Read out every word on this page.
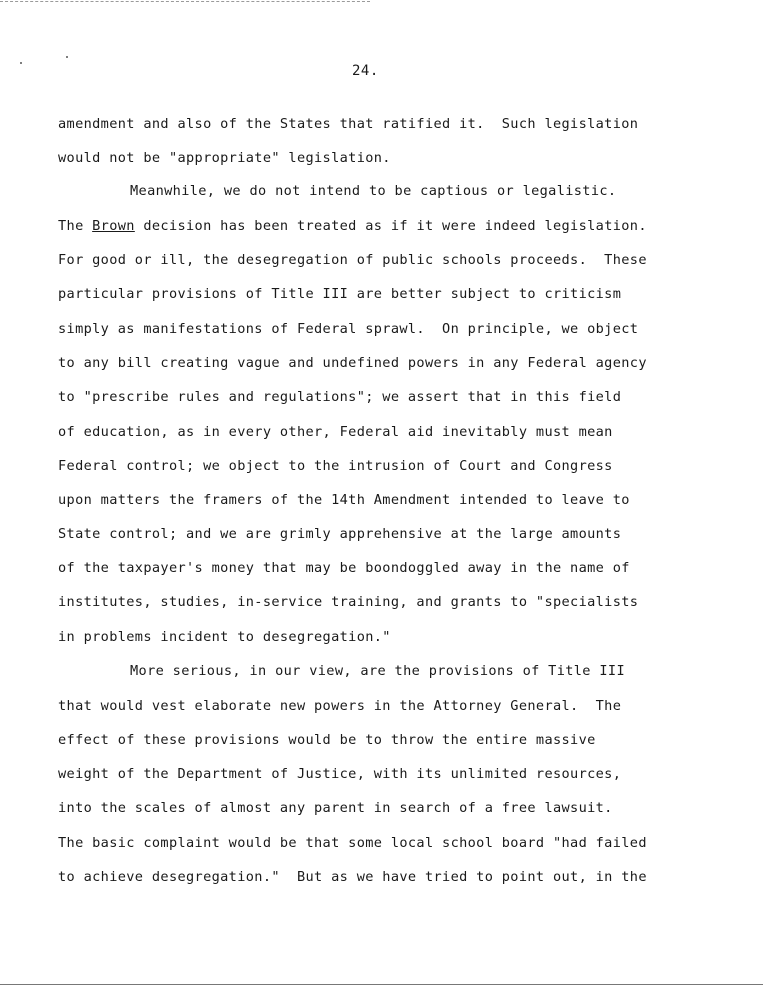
24.
amendment and also of the States that ratified it.  Such legislation
would not be "appropriate" legislation.
Meanwhile, we do not intend to be captious or legalistic.
The Brown decision has been treated as if it were indeed legislation.
For good or ill, the desegregation of public schools proceeds.  These
particular provisions of Title III are better subject to criticism
simply as manifestations of Federal sprawl.  On principle, we object
to any bill creating vague and undefined powers in any Federal agency
to "prescribe rules and regulations"; we assert that in this field
of education, as in every other, Federal aid inevitably must mean
Federal control; we object to the intrusion of Court and Congress
upon matters the framers of the 14th Amendment intended to leave to
State control; and we are grimly apprehensive at the large amounts
of the taxpayer's money that may be boondoggled away in the name of
institutes, studies, in-service training, and grants to "specialists
in problems incident to desegregation."
More serious, in our view, are the provisions of Title III
that would vest elaborate new powers in the Attorney General.  The
effect of these provisions would be to throw the entire massive
weight of the Department of Justice, with its unlimited resources,
into the scales of almost any parent in search of a free lawsuit.
The basic complaint would be that some local school board "had failed
to achieve desegregation."  But as we have tried to point out, in the
